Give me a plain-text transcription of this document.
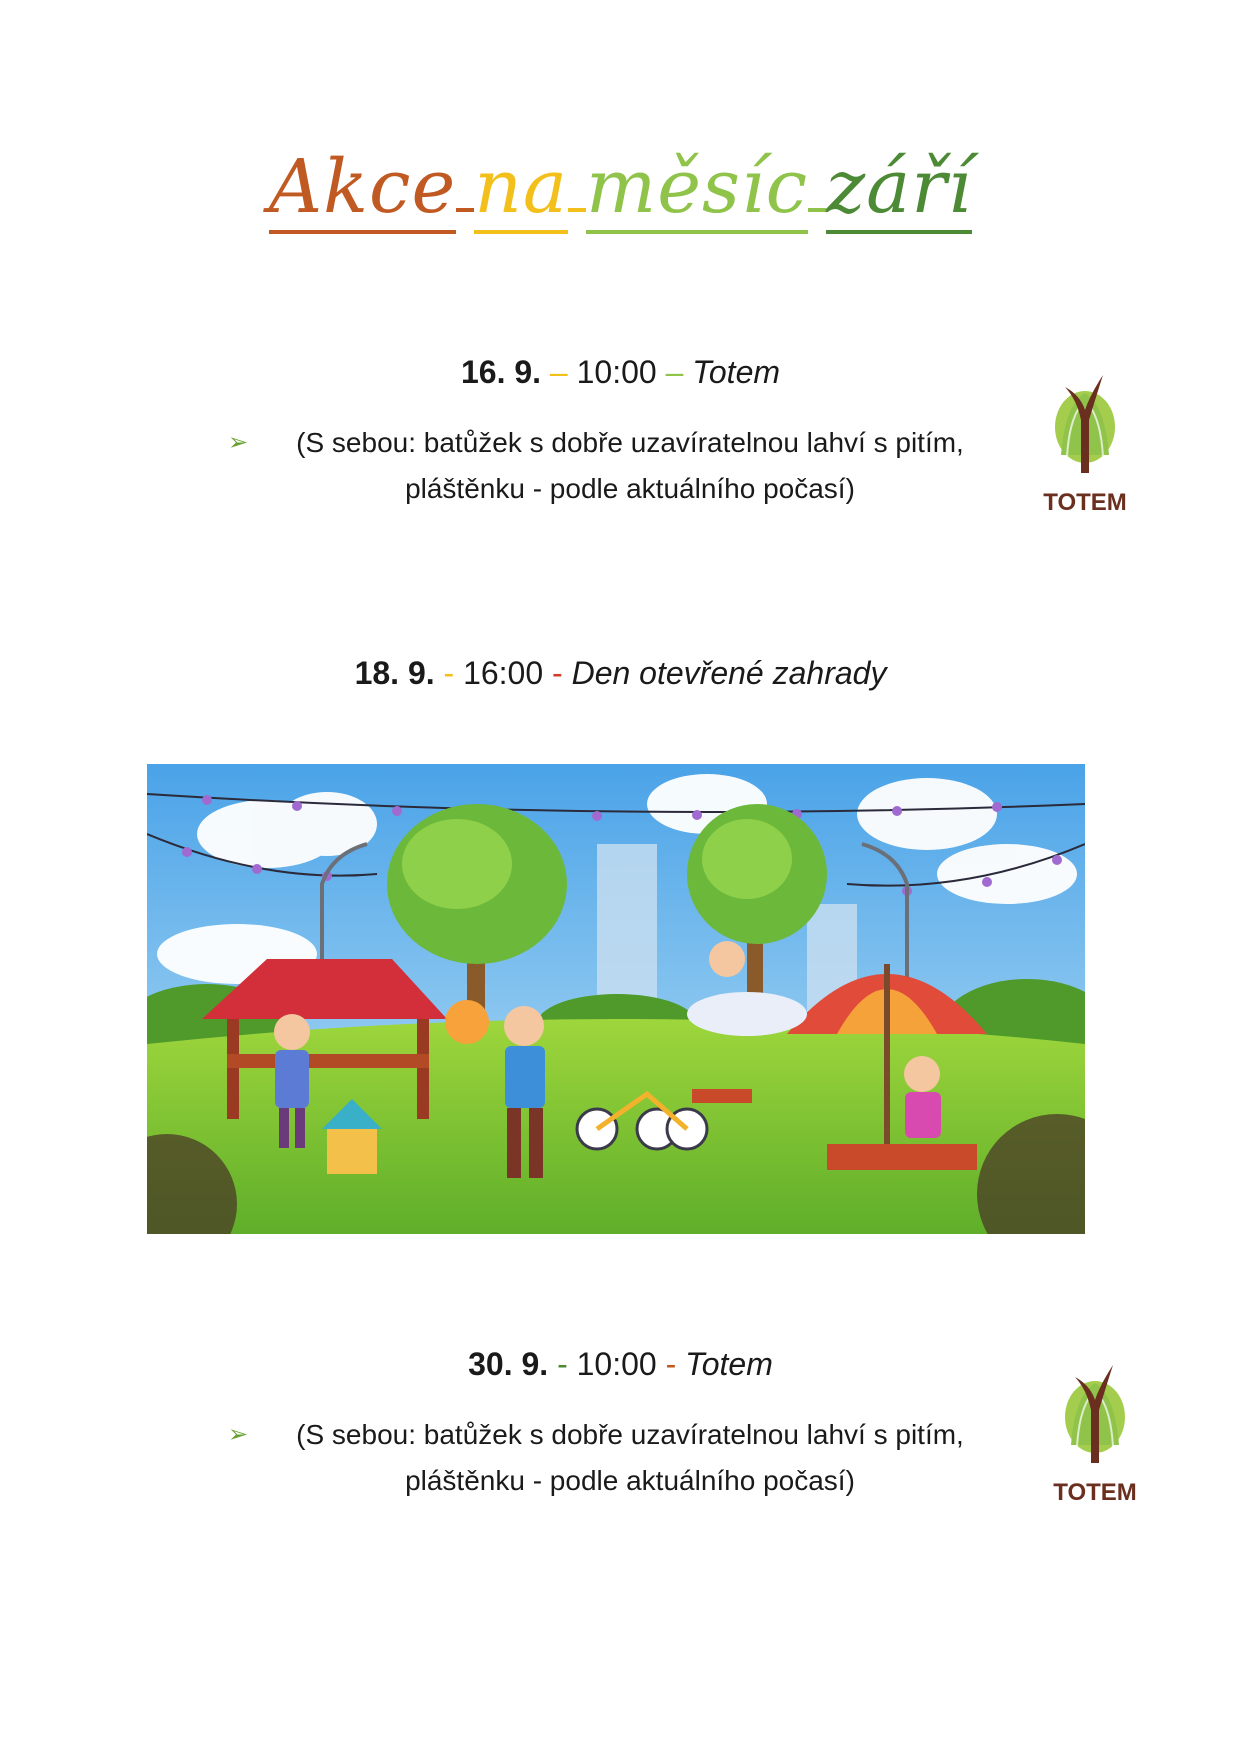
Akce na měsíc září
16. 9. – 10:00 – Totem
➢	(S sebou: batůžek s dobře uzavíratelnou lahví s pitím,
pláštěnku - podle aktuálního počasí)	TOTEM
18. 9. - 16:00 - Den otevřené zahrady
30. 9. - 10:00 - Totem
➢	(S sebou: batůžek s dobře uzavíratelnou lahví s pitím,
pláštěnku - podle aktuálního počasí)	TOTEM
